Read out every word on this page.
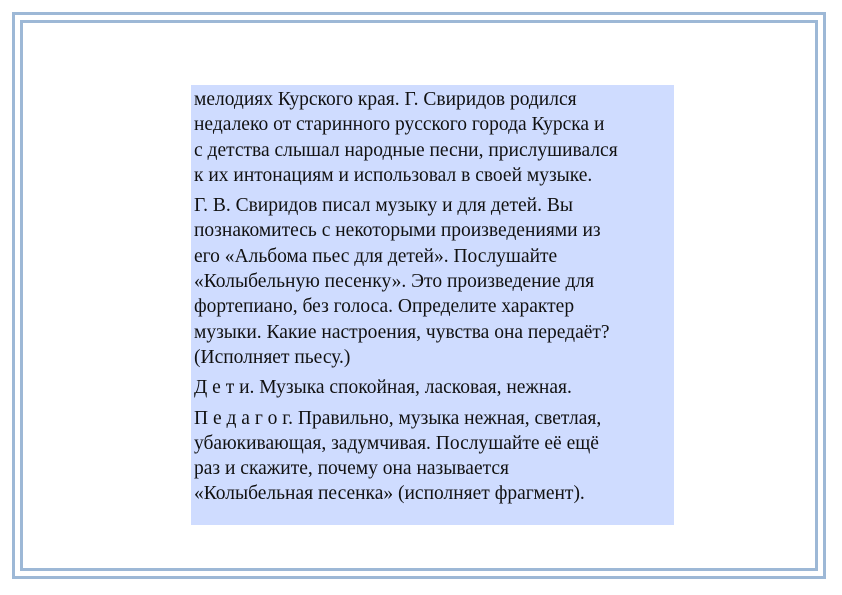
мелодиях Курского края. Г. Свиридов родился
недалеко от старинного русского города Курска и
с детства слышал народные песни, прислушивался
к их интонациям и использовал в своей музыке.

Г. В. Свиридов писал музыку и для детей. Вы
познакомитесь с некоторыми произведениями из
его «Альбома пьес для детей». Послушайте
«Колыбельную песенку». Это произведение для
фортепиано, без голоса. Определите характер
музыки. Какие настроения, чувства она передаёт?
(Исполняет пьесу.)

Д е т и. Музыка спокойная, ласковая, нежная.

П е д а г о г. Правильно, музыка нежная, светлая,
убаюкивающая, задумчивая. Послушайте её ещё
раз и скажите, почему она называется
«Колыбельная песенка» (исполняет фрагмент).
